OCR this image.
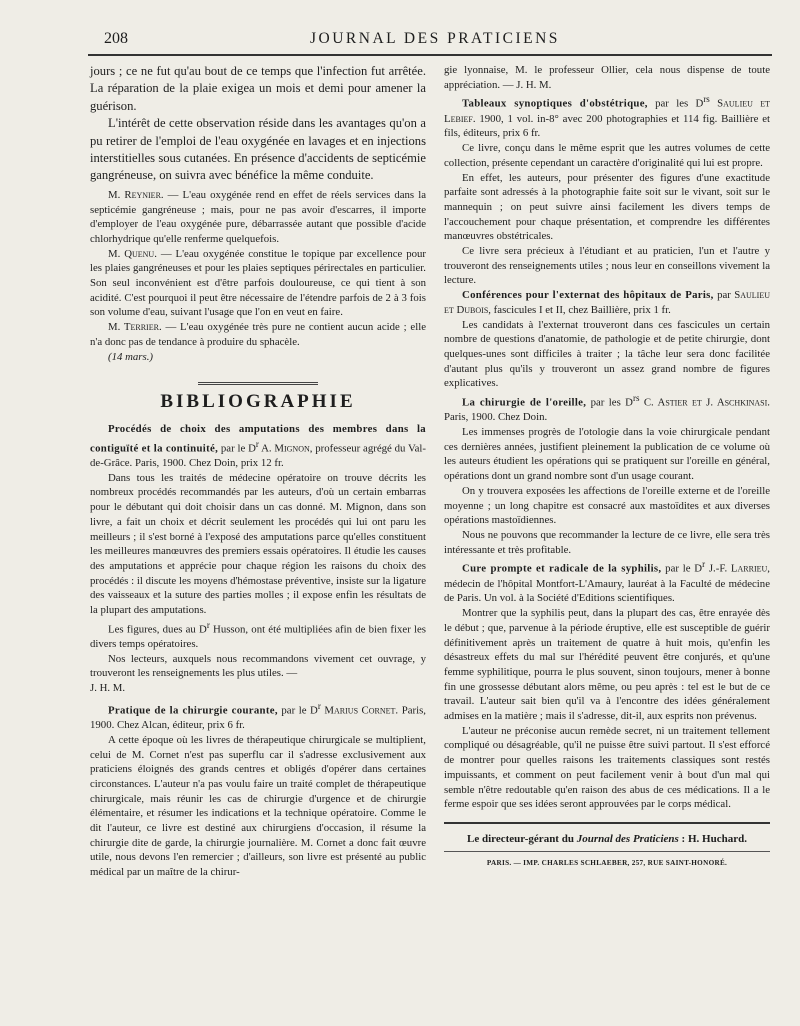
208	JOURNAL DES PRATICIENS

jours ; ce ne fut qu'au bout de ce temps que l'infection fut arrêtée. La réparation de la plaie exigea un mois et demi pour amener la guérison.

L'intérêt de cette observation réside dans les avantages qu'on a pu retirer de l'emploi de l'eau oxygénée en lavages et en injections interstitielles sous cutanées. En présence d'accidents de septicémie gangréneuse, on suivra avec bénéfice la même conduite.

M. Reynier. — L'eau oxygénée rend en effet de réels services dans la septicémie gangréneuse ; mais, pour ne pas avoir d'escarres, il importe d'employer de l'eau oxygénée pure, débarrassée autant que possible d'acide chlorhydrique qu'elle renferme quelquefois.

M. Quenu. — L'eau oxygénée constitue le topique par excellence pour les plaies gangréneuses et pour les plaies septiques périrectales en particulier. Son seul inconvénient est d'être parfois douloureuse, ce qui tient à son acidité. C'est pourquoi il peut être nécessaire de l'étendre parfois de 2 à 3 fois son volume d'eau, suivant l'usage que l'on en veut en faire.

M. Terrier. — L'eau oxygénée très pure ne contient aucun acide ; elle n'a donc pas de tendance à produire du sphacèle.

(14 mars.)

BIBLIOGRAPHIE

Procédés de choix des amputations des membres dans la contiguïté et la continuité, par le $D^r$ A. Mignon, professeur agrégé du Val-de-Grâce. Paris, 1900. Chez Doin, prix 12 fr.

Dans tous les traités de médecine opératoire on trouve décrits les nombreux procédés recommandés par les auteurs, d'où un certain embarras pour le débutant qui doit choisir dans un cas donné. M. Mignon, dans son livre, a fait un choix et décrit seulement les procédés qui lui ont paru les meilleurs ; il s'est borné à l'exposé des amputations parce qu'elles constituent les meilleures manœuvres des premiers essais opératoires. Il étudie les causes des amputations et apprécie pour chaque région les raisons du choix des procédés : il discute les moyens d'hémostase préventive, insiste sur la ligature des vaisseaux et la suture des parties molles ; il expose enfin les résultats de la plupart des amputations.

Les figures, dues au $D^r$ Husson, ont été multipliées afin de bien fixer les divers temps opératoires.

Nos lecteurs, auxquels nous recommandons vivement cet ouvrage, y trouveront les renseignements les plus utiles. —

J. H. M.

Pratique de la chirurgie courante, par le $D^r$ Marius Cornet. Paris, 1900. Chez Alcan, éditeur, prix 6 fr.

A cette époque où les livres de thérapeutique chirurgicale se multiplient, celui de M. Cornet n'est pas superflu car il s'adresse exclusivement aux praticiens éloignés des grands centres et obligés d'opérer dans certaines circonstances. L'auteur n'a pas voulu faire un traité complet de thérapeutique chirurgicale, mais réunir les cas de chirurgie d'urgence et de chirurgie élémentaire, et résumer les indications et la technique opératoire. Comme le dit l'auteur, ce livre est destiné aux chirurgiens d'occasion, il résume la chirurgie dite de garde, la chirurgie journalière. M. Cornet a donc fait œuvre utile, nous devons l'en remercier ; d'ailleurs, son livre est présenté au public médical par un maître de la chirur-

gie lyonnaise, M. le professeur Ollier, cela nous dispense de toute appréciation. — J. H. M.

Tableaux synoptiques d'obstétrique, par les $D^{rs}$ Saulieu et Lebief. 1900, 1 vol. in-8° avec 200 photographies et 114 fig. Baillière et fils, éditeurs, prix 6 fr.

Ce livre, conçu dans le même esprit que les autres volumes de cette collection, présente cependant un caractère d'originalité qui lui est propre.

En effet, les auteurs, pour présenter des figures d'une exactitude parfaite sont adressés à la photographie faite soit sur le vivant, soit sur le mannequin ; on peut suivre ainsi facilement les divers temps de l'accouchement pour chaque présentation, et comprendre les différentes manœuvres obstétricales.

Ce livre sera précieux à l'étudiant et au praticien, l'un et l'autre y trouveront des renseignements utiles ; nous leur en conseillons vivement la lecture.

Conférences pour l'externat des hôpitaux de Paris, par Saulieu et Dubois, fascicules I et II, chez Baillière, prix 1 fr.

Les candidats à l'externat trouveront dans ces fascicules un certain nombre de questions d'anatomie, de pathologie et de petite chirurgie, dont quelques-unes sont difficiles à traiter ; la tâche leur sera donc facilitée d'autant plus qu'ils y trouveront un assez grand nombre de figures explicatives.

La chirurgie de l'oreille, par les $D^{rs}$ C. Astier et J. Aschkinasi. Paris, 1900. Chez Doin.

Les immenses progrès de l'otologie dans la voie chirurgicale pendant ces dernières années, justifient pleinement la publication de ce volume où les auteurs étudient les opérations qui se pratiquent sur l'oreille en général, opérations dont un grand nombre sont d'un usage courant.

On y trouvera exposées les affections de l'oreille externe et de l'oreille moyenne ; un long chapitre est consacré aux mastoïdites et aux diverses opérations mastoïdiennes.

Nous ne pouvons que recommander la lecture de ce livre, elle sera très intéressante et très profitable.

Cure prompte et radicale de la syphilis, par le $D^r$ J.-F. Larrieu, médecin de l'hôpital Montfort-L'Amaury, lauréat à la Faculté de médecine de Paris. Un vol. à la Société d'Editions scientifiques.

Montrer que la syphilis peut, dans la plupart des cas, être enrayée dès le début ; que, parvenue à la période éruptive, elle est susceptible de guérir définitivement après un traitement de quatre à huit mois, qu'enfin les désastreux effets du mal sur l'hérédité peuvent être conjurés, et qu'une femme syphilitique, pourra le plus souvent, sinon toujours, mener à bonne fin une grossesse débutant alors même, ou peu après : tel est le but de ce travail. L'auteur sait bien qu'il va à l'encontre des idées généralement admises en la matière ; mais il s'adresse, dit-il, aux esprits non prévenus.

L'auteur ne préconise aucun remède secret, ni un traitement tellement compliqué ou désagréable, qu'il ne puisse être suivi partout. Il s'est efforcé de montrer pour quelles raisons les traitements classiques sont restés impuissants, et comment on peut facilement venir à bout d'un mal qui semble n'être redoutable qu'en raison des abus de ces médications. Il a le ferme espoir que ses idées seront approuvées par le corps médical.

Le directeur-gérant du Journal des Praticiens : H. Huchard.
PARIS. — IMP. CHARLES SCHLAEBER, 257, RUE SAINT-HONORÉ.
